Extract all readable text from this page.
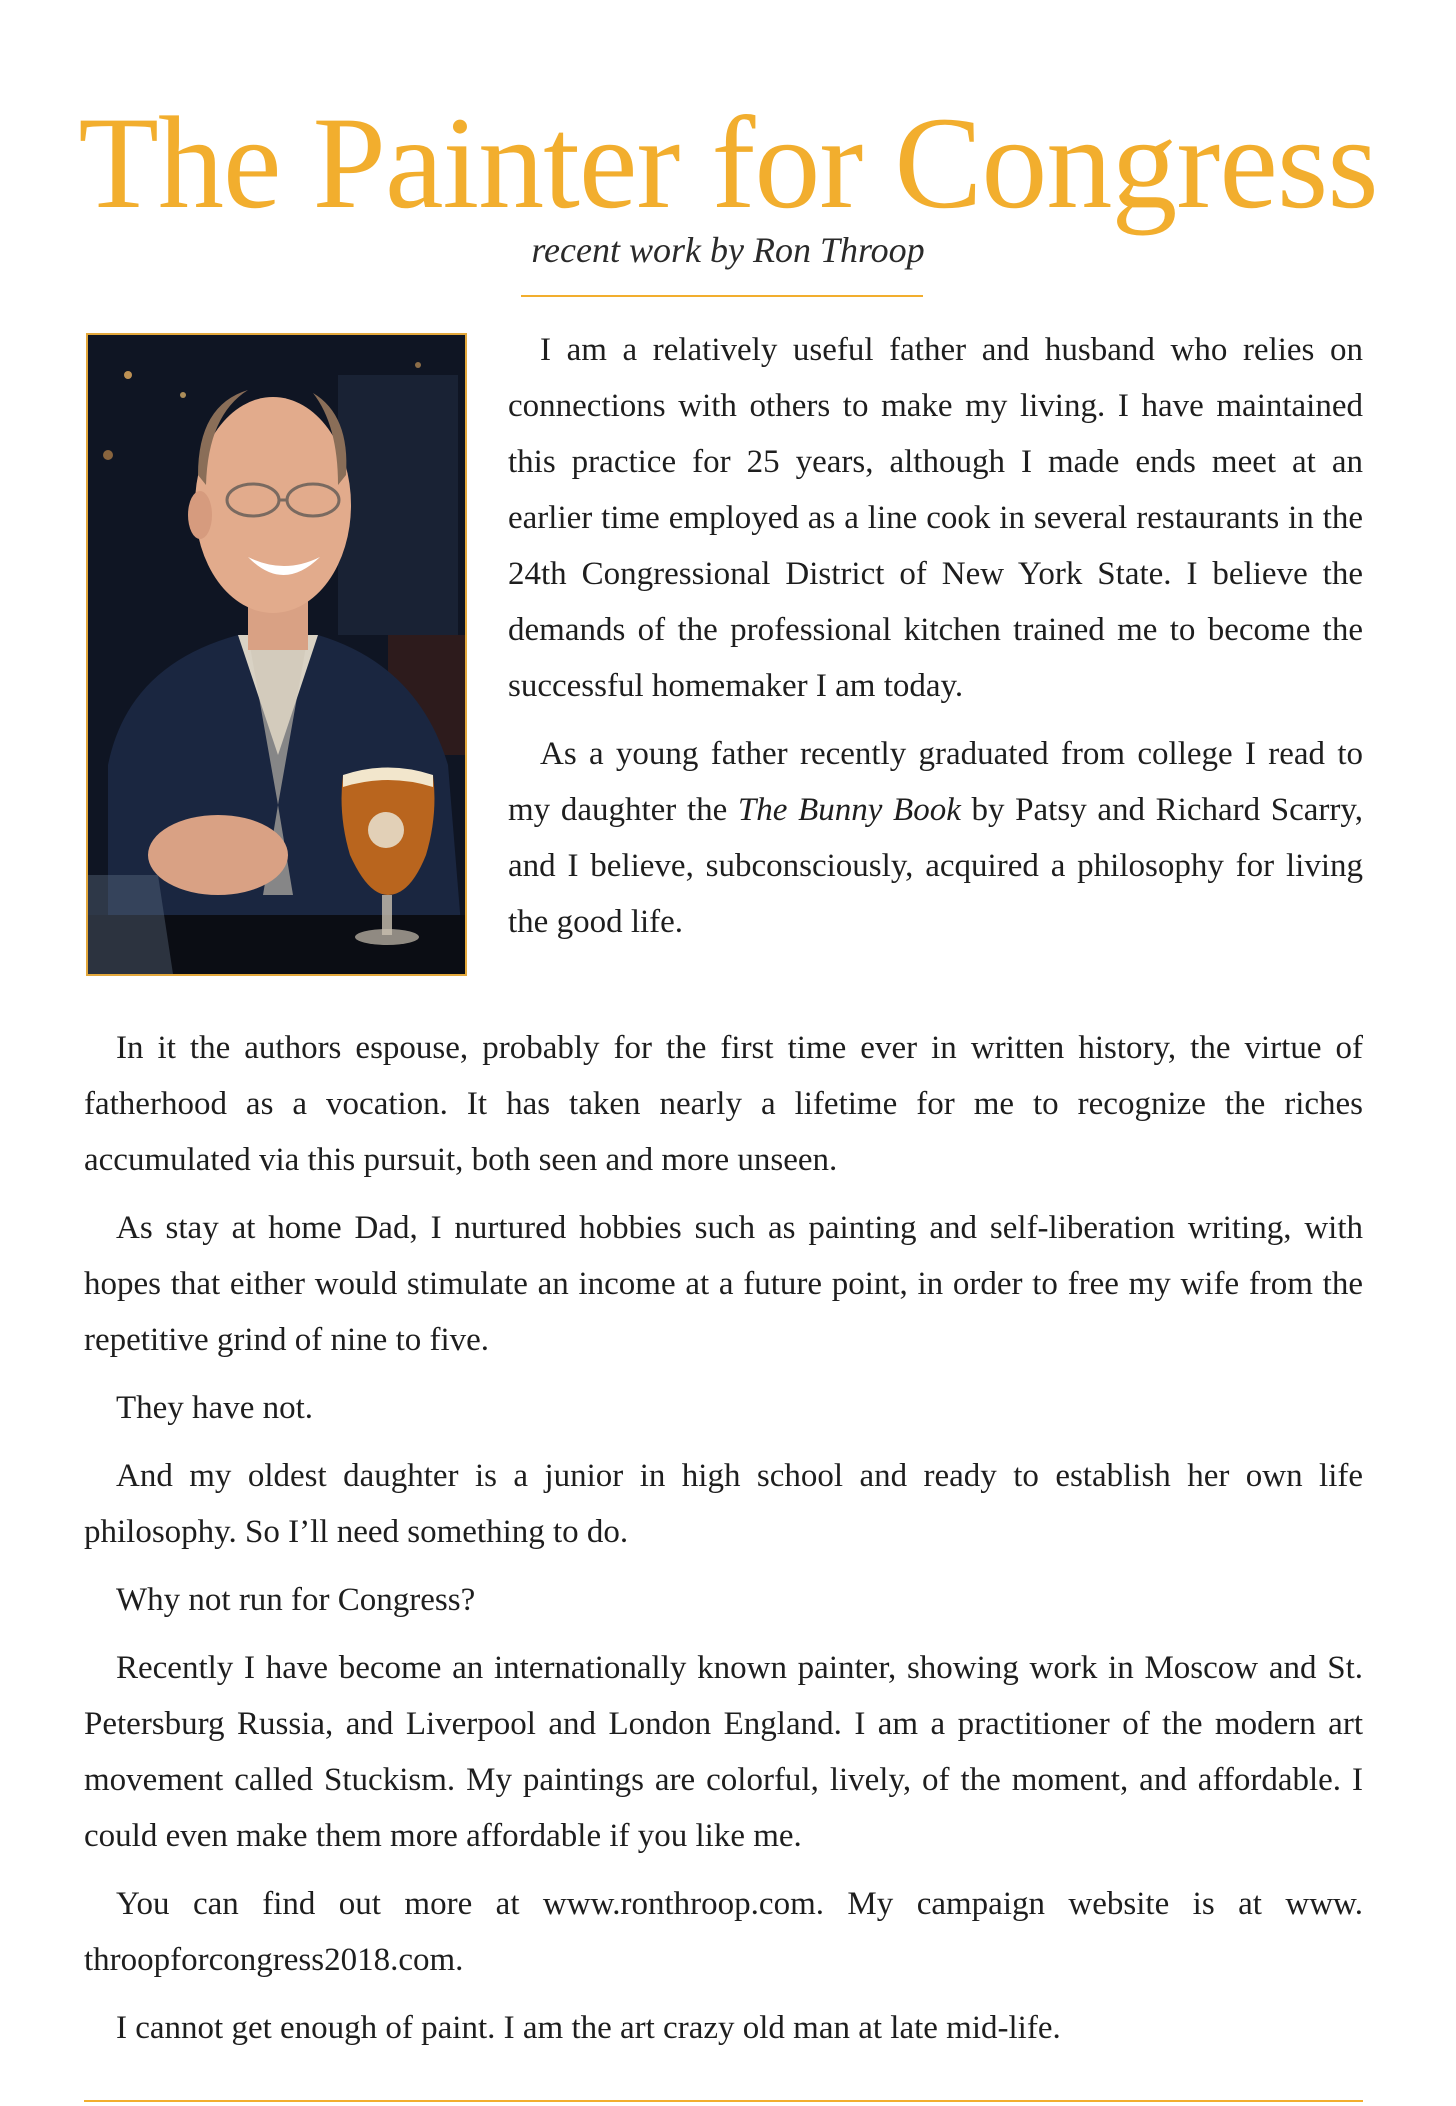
The Painter for Congress
recent work by Ron Throop

I am a relatively useful father and husband who relies on connections with others to make my living. I have maintained this practice for 25 years, although I made ends meet at an earlier time employed as a line cook in several restaurants in the 24th Congressional District of New York State. I believe the demands of the professional kitchen trained me to become the successful homemaker I am today.

As a young father recently graduated from college I read to my daughter the The Bunny Book by Patsy and Richard Scarry, and I believe, subconsciously, acquired a philosophy for living the good life.

In it the authors espouse, probably for the first time ever in written history, the virtue of fatherhood as a vocation. It has taken nearly a lifetime for me to recognize the riches accumulated via this pursuit, both seen and more unseen.

As stay at home Dad, I nurtured hobbies such as painting and self-liberation writing, with hopes that either would stimulate an income at a future point, in order to free my wife from the repetitive grind of nine to five.

They have not.

And my oldest daughter is a junior in high school and ready to establish her own life philosophy. So I’ll need something to do.

Why not run for Congress?

Recently I have become an internationally known painter, showing work in Moscow and St. Petersburg Russia, and Liverpool and London England. I am a practitioner of the modern art movement called Stuckism. My paintings are colorful, lively, of the moment, and affordable. I could even make them more affordable if you like me.

You can find out more at www.ronthroop.com. My campaign website is at www. throopforcongress2018.com.

I cannot get enough of paint. I am the art crazy old man at late mid-life.
